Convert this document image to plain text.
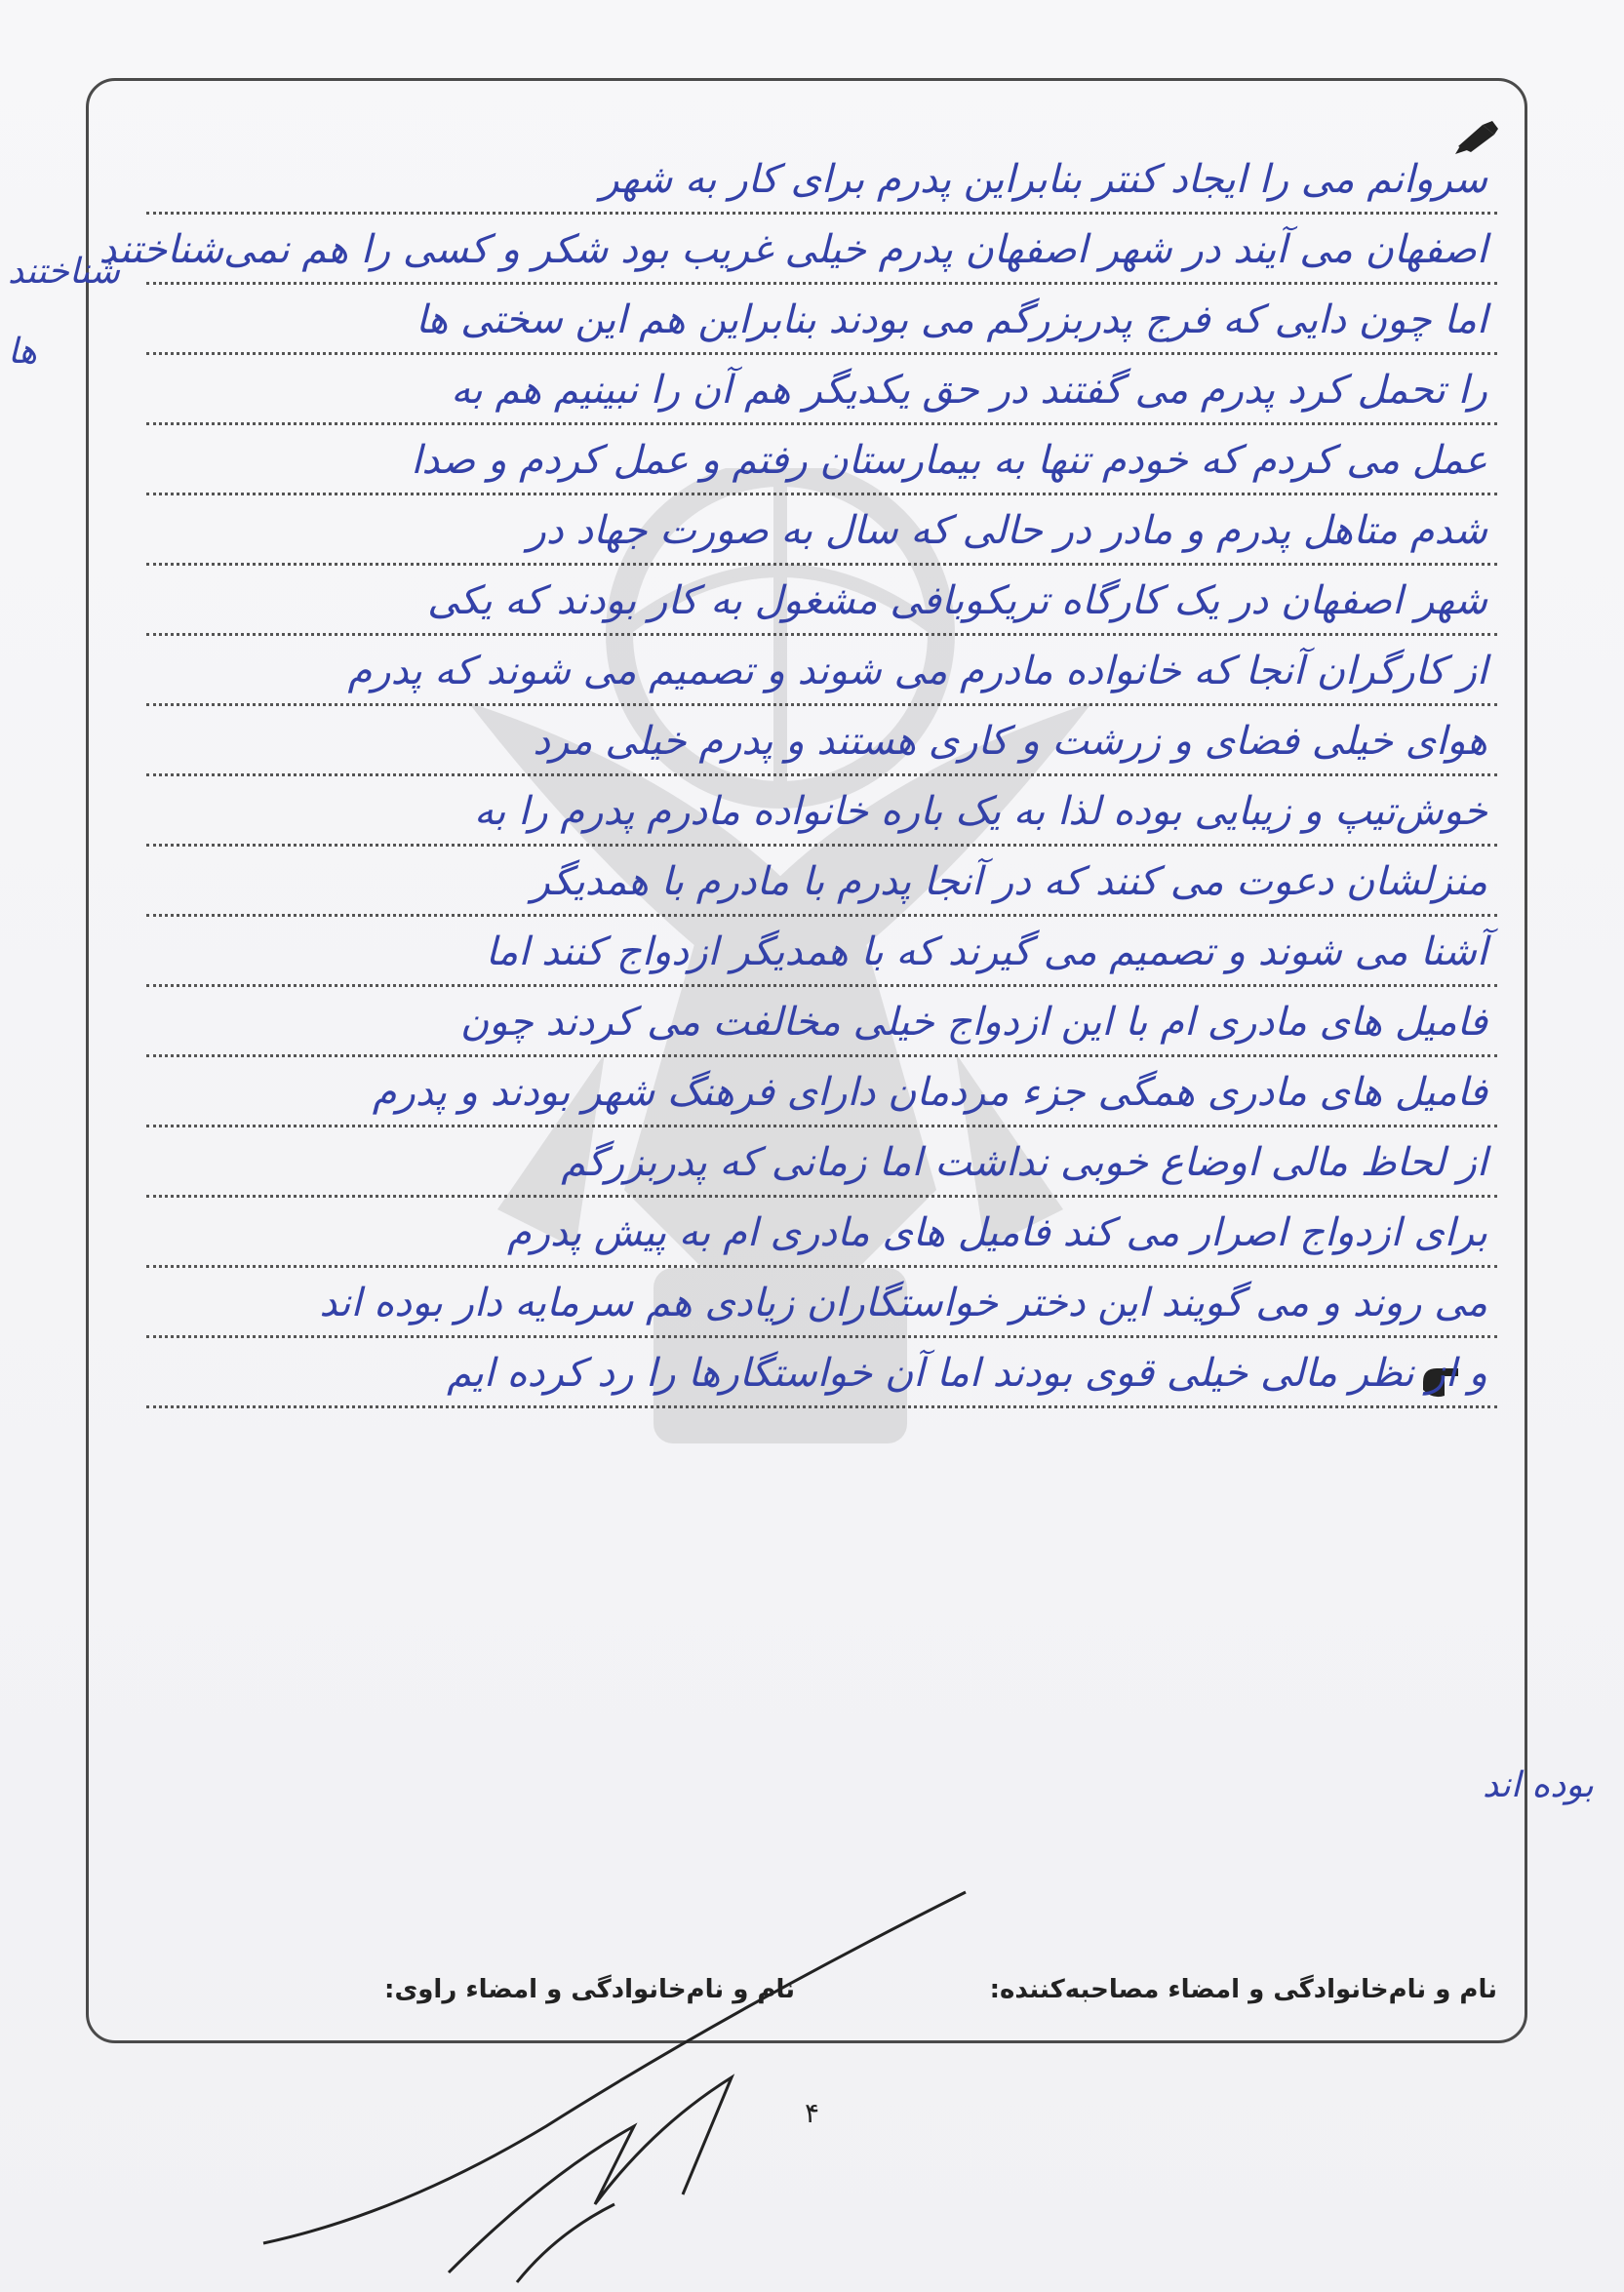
سروانم می را ایجاد کنتر بنابراین پدرم برای کار به شهر
اصفهان می آیند در شهر اصفهان پدرم خیلی غریب بود شکر و کسی را هم نمی‌شناختند
اما چون دایی که فرج پدربزرگم می بودند بنابراین هم این سختی ها
را تحمل کرد پدرم می گفتند در حق یکدیگر هم آن را نبینیم هم به
عمل می کردم که خودم تنها به بیمارستان رفتم و عمل کردم و صدا
شدم متاهل پدرم و مادر در حالی که سال به صورت جهاد در
شهر اصفهان در یک کارگاه تریکوبافی مشغول به کار بودند که یکی
از کارگران آنجا که خانواده مادرم می شوند و تصمیم می شوند که پدرم
هوای خیلی فضای و زرشت و کاری هستند و پدرم خیلی مرد
خوش‌تیپ و زیبایی بوده لذا به یک باره خانواده مادرم پدرم را به
منزلشان دعوت می کنند که در آنجا پدرم با مادرم با همدیگر
آشنا می شوند و تصمیم می گیرند که با همدیگر ازدواج کنند اما
فامیل های مادری ام با این ازدواج خیلی مخالفت می کردند چون
فامیل های مادری همگی جزء مردمان دارای فرهنگ شهر بودند و پدرم
از لحاظ مالی اوضاع خوبی نداشت اما زمانی که پدربزرگم
برای ازدواج اصرار می کند فامیل های مادری ام به پیش پدرم
می روند و می گویند این دختر خواستگاران زیادی هم سرمایه دار بوده اند
و از نظر مالی خیلی قوی بودند اما آن خواستگارها را رد کرده ایم
شناختند
ها
بوده اند
نام و نام‌خانوادگی و امضاء مصاحبه‌کننده:
نام و نام‌خانوادگی و امضاء راوی:
۴
